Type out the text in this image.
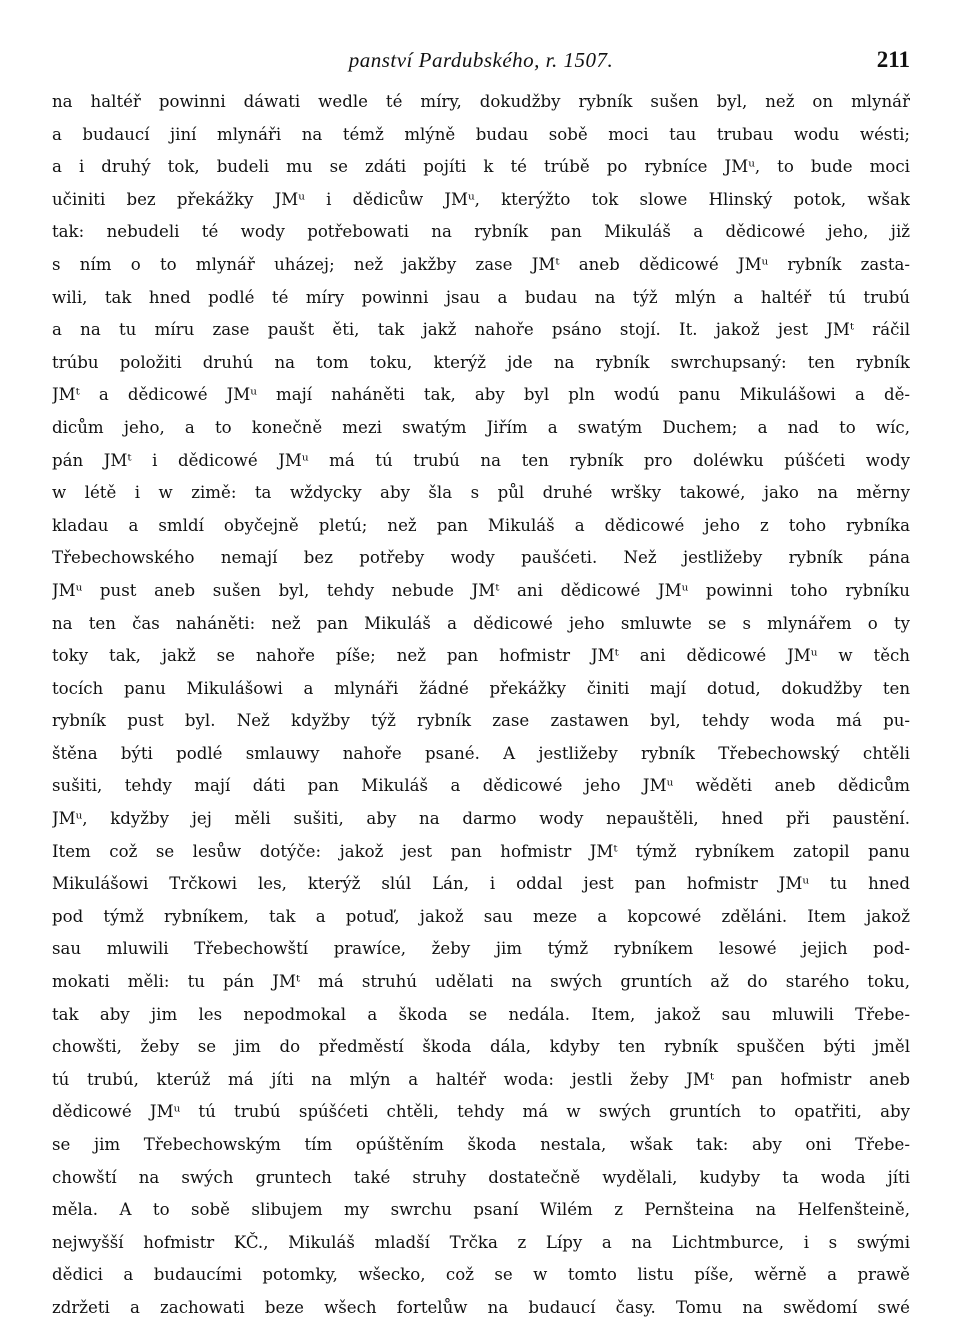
panství Pardubského, r. 1507.	211
na haltéř powinni dáwati wedle té míry, dokudžby rybník sušen byl, než on mlynář
a budaucí jiní mlynáři na témž mlýně budau sobě moci tau trubau wodu wésti;
a i druhý tok, budeli mu se zdáti pojíti k té trúbě po rybníce JMᵘ, to bude moci
učiniti bez překážky JMᵘ i dědicůw JMᵘ, kterýžto tok slowe Hlinský potok, wšak
tak: nebudeli té wody potřebowati na rybník pan Mikuláš a dědicowé jeho, již
s ním o to mlynář uházej; než jakžby zase JMᵗ aneb dědicowé JMᵘ rybník zasta-
wili, tak hned podlé té míry powinni jsau a budau na týž mlýn a haltéř tú trubú
a na tu míru zase paušt ěti, tak jakž nahoře psáno stojí. It. jakož jest JMᵗ ráčil
trúbu položiti druhú na tom toku, kterýž jde na rybník swrchupsaný: ten rybník
JMᵗ a dědicowé JMᵘ mají naháněti tak, aby byl pln wodú panu Mikulášowi a dě-
dicům jeho, a to konečně mezi swatým Jiřím a swatým Duchem; a nad to wíc,
pán JMᵗ i dědicowé JMᵘ má tú trubú na ten rybník pro doléwku púšćeti wody
w létě i w zimě: ta wždycky aby šla s půl druhé wršky takowé, jako na měrny
kladau a smldí obyčejně pletú; než pan Mikuláš a dědicowé jeho z toho rybníka
Třebechowského nemají bez potřeby wody paušćeti. Než jestližeby rybník pána
JMᵘ pust aneb sušen byl, tehdy nebude JMᵗ ani dědicowé JMᵘ powinni toho rybníku
na ten čas naháněti: než pan Mikuláš a dědicowé jeho smluwte se s mlynářem o ty
toky tak, jakž se nahoře píše; než pan hofmistr JMᵗ ani dědicowé JMᵘ w těch
tocích panu Mikulášowi a mlynáři žádné překážky činiti mají dotud, dokudžby ten
rybník pust byl. Než kdyžby týž rybník zase zastawen byl, tehdy woda má pu-
štěna býti podlé smlauwy nahoře psané. A jestližeby rybník Třebechowský chtěli
sušiti, tehdy mají dáti pan Mikuláš a dědicowé jeho JMᵘ wěděti aneb dědicům
JMᵘ, kdyžby jej měli sušiti, aby na darmo wody nepauštěli, hned při paustění.
Item což se lesůw dotýče: jakož jest pan hofmistr JMᵗ týmž rybníkem zatopil panu
Mikulášowi Trčkowi les, kterýž slúl Lán, i oddal jest pan hofmistr JMᵘ tu hned
pod týmž rybníkem, tak a potuď, jakož sau meze a kopcowé zděláni. Item jakož
sau mluwili Třebechowští prawíce, žeby jim týmž rybníkem lesowé jejich pod-
mokati měli: tu pán JMᵗ má struhú udělati na swých gruntích až do starého toku,
tak aby jim les nepodmokal a škoda se nedála. Item, jakož sau mluwili Třebe-
chowšti, žeby se jim do předměstí škoda dála, kdyby ten rybník spuščen býti jměl
tú trubú, kterúž má jíti na mlýn a haltéř woda: jestli žeby JMᵗ pan hofmistr aneb
dědicowé JMᵘ tú trubú spúšćeti chtěli, tehdy má w swých gruntích to opatřiti, aby
se jim Třebechowským tím opúštěním škoda nestala, wšak tak: aby oni Třebe-
chowští na swých gruntech také struhy dostatečně wydělali, kudyby ta woda jíti
měla. A to sobě slibujem my swrchu psaní Wilém z Pernšteina na Helfenšteině,
nejwyšší hofmistr KČ., Mikuláš mladší Trčka z Lípy a na Lichtmburce, i s swými
dědici a budaucími potomky, wšecko, což se w tomto listu píše, wěrně a prawě
zdržeti a zachowati beze wšech fortelůw na budaucí časy. Tomu na swědomí swé
